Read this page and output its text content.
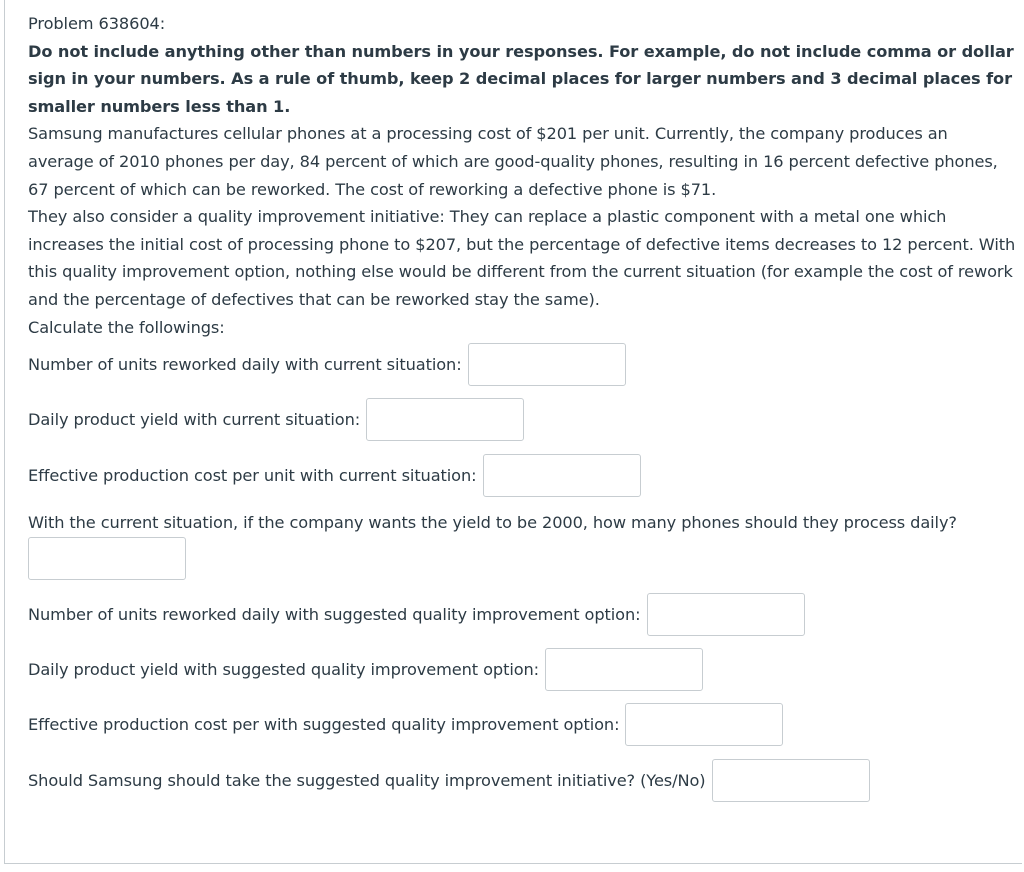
Problem 638604:

Do not include anything other than numbers in your responses. For example, do not include comma or dollar sign in your numbers. As a rule of thumb, keep 2 decimal places for larger numbers and 3 decimal places for smaller numbers less than 1.

Samsung manufactures cellular phones at a processing cost of $201 per unit. Currently, the company produces an average of 2010 phones per day, 84 percent of which are good-quality phones, resulting in 16 percent defective phones, 67 percent of which can be reworked. The cost of reworking a defective phone is $71.

They also consider a quality improvement initiative: They can replace a plastic component with a metal one which increases the initial cost of processing phone to $207, but the percentage of defective items decreases to 12 percent. With this quality improvement option, nothing else would be different from the current situation (for example the cost of rework and the percentage of defectives that can be reworked stay the same).

Calculate the followings:

Number of units reworked daily with current situation:
Daily product yield with current situation:
Effective production cost per unit with current situation:
With the current situation, if the company wants the yield to be 2000, how many phones should they process daily?
Number of units reworked daily with suggested quality improvement option:
Daily product yield with suggested quality improvement option:
Effective production cost per with suggested quality improvement option:
Should Samsung should take the suggested quality improvement initiative? (Yes/No)
